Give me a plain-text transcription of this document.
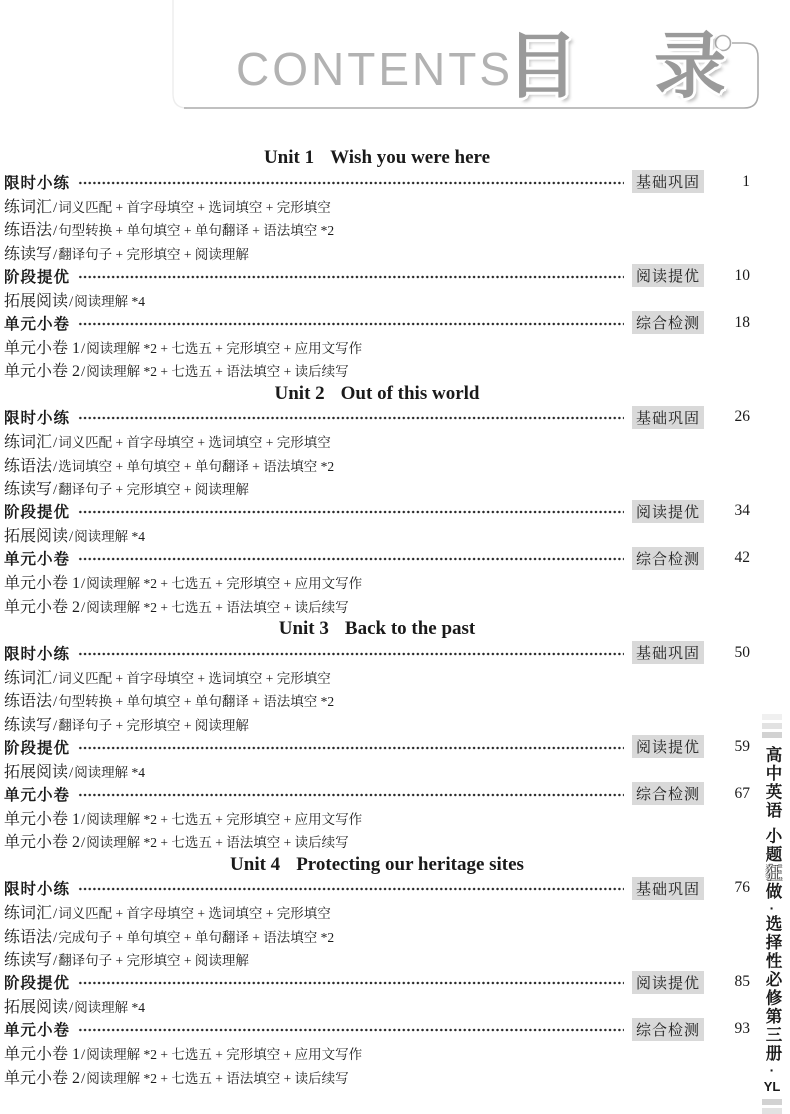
CONTENTS
目 录
Unit 1 Wish you were here
限时小练	基础巩固	1
练词汇 / 词义匹配 + 首字母填空 + 选词填空 + 完形填空
练语法 / 句型转换 + 单句填空 + 单句翻译 + 语法填空 *2
练读写 / 翻译句子 + 完形填空 + 阅读理解
阶段提优	阅读提优	10
拓展阅读 / 阅读理解 *4
单元小卷	综合检测	18
单元小卷 1 / 阅读理解 *2 + 七选五 + 完形填空 + 应用文写作
单元小卷 2 / 阅读理解 *2 + 七选五 + 语法填空 + 读后续写
Unit 2 Out of this world
限时小练	基础巩固	26
练词汇 / 词义匹配 + 首字母填空 + 选词填空 + 完形填空
练语法 / 选词填空 + 单句填空 + 单句翻译 + 语法填空 *2
练读写 / 翻译句子 + 完形填空 + 阅读理解
阶段提优	阅读提优	34
拓展阅读 / 阅读理解 *4
单元小卷	综合检测	42
单元小卷 1 / 阅读理解 *2 + 七选五 + 完形填空 + 应用文写作
单元小卷 2 / 阅读理解 *2 + 七选五 + 语法填空 + 读后续写
Unit 3 Back to the past
限时小练	基础巩固	50
练词汇 / 词义匹配 + 首字母填空 + 选词填空 + 完形填空
练语法 / 句型转换 + 单句填空 + 单句翻译 + 语法填空 *2
练读写 / 翻译句子 + 完形填空 + 阅读理解
阶段提优	阅读提优	59
拓展阅读 / 阅读理解 *4
单元小卷	综合检测	67
单元小卷 1 / 阅读理解 *2 + 七选五 + 完形填空 + 应用文写作
单元小卷 2 / 阅读理解 *2 + 七选五 + 语法填空 + 读后续写
Unit 4 Protecting our heritage sites
限时小练	基础巩固	76
练词汇 / 词义匹配 + 首字母填空 + 选词填空 + 完形填空
练语法 / 完成句子 + 单句填空 + 单句翻译 + 语法填空 *2
练读写 / 翻译句子 + 完形填空 + 阅读理解
阶段提优	阅读提优	85
拓展阅读 / 阅读理解 *4
单元小卷	综合检测	93
单元小卷 1 / 阅读理解 *2 + 七选五 + 完形填空 + 应用文写作
单元小卷 2 / 阅读理解 *2 + 七选五 + 语法填空 + 读后续写
高中英语
小题狂做
·
选择性必修第三册
·
YL
